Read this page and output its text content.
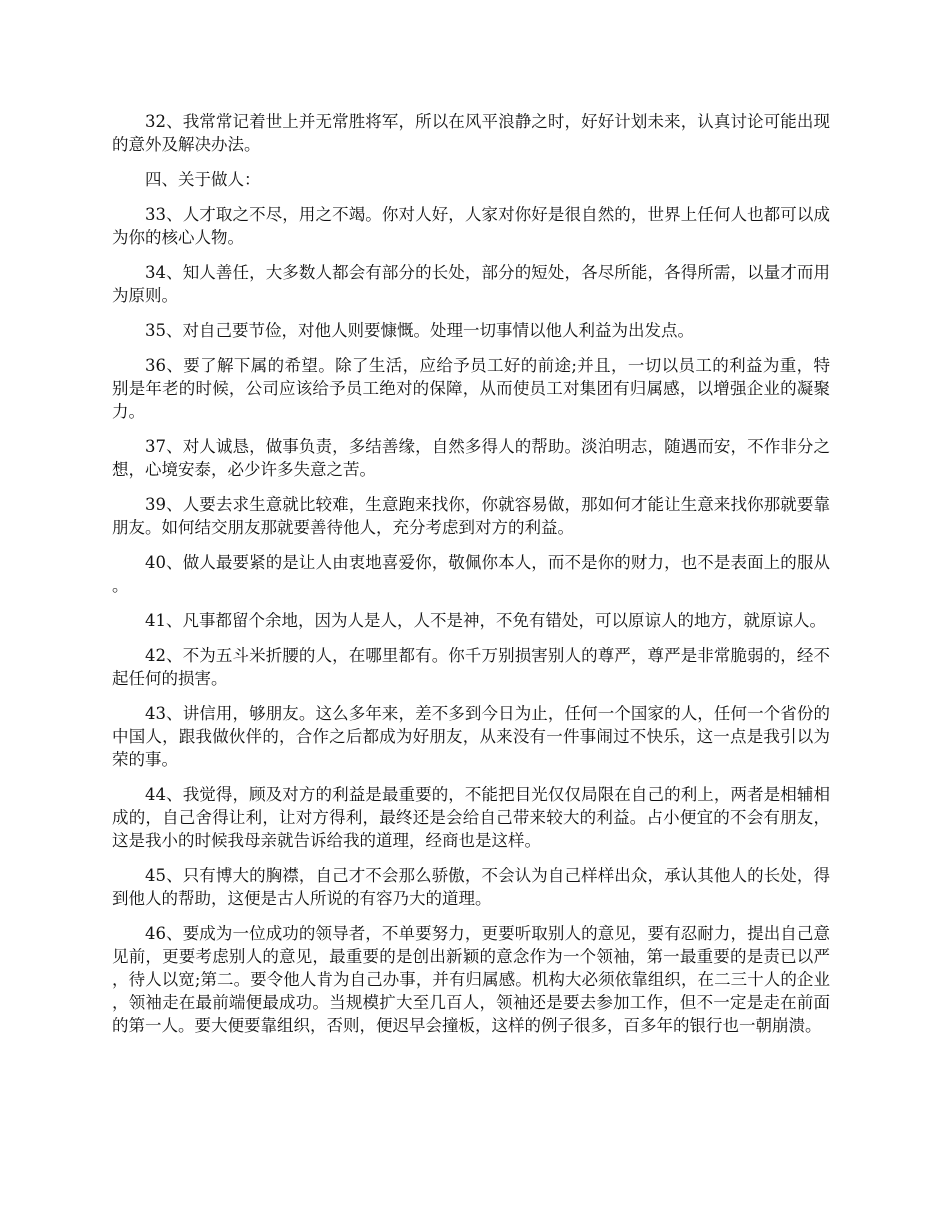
32、我常常记着世上并无常胜将军，所以在风平浪静之时，好好计划未来，认真讨论可能出现的意外及解决办法。

四、关于做人：

33、人才取之不尽，用之不竭。你对人好，人家对你好是很自然的，世界上任何人也都可以成为你的核心人物。

34、知人善任，大多数人都会有部分的长处，部分的短处，各尽所能，各得所需，以量才而用为原则。

35、对自己要节俭，对他人则要慷慨。处理一切事情以他人利益为出发点。

36、要了解下属的希望。除了生活，应给予员工好的前途;并且，一切以员工的利益为重，特别是年老的时候，公司应该给予员工绝对的保障，从而使员工对集团有归属感，以增强企业的凝聚力。

37、对人诚恳，做事负责，多结善缘，自然多得人的帮助。淡泊明志，随遇而安，不作非分之想，心境安泰，必少许多失意之苦。

39、人要去求生意就比较难，生意跑来找你，你就容易做，那如何才能让生意来找你那就要靠朋友。如何结交朋友那就要善待他人，充分考虑到对方的利益。

40、做人最要紧的是让人由衷地喜爱你，敬佩你本人，而不是你的财力，也不是表面上的服从。

41、凡事都留个余地，因为人是人，人不是神，不免有错处，可以原谅人的地方，就原谅人。

42、不为五斗米折腰的人，在哪里都有。你千万别损害别人的尊严，尊严是非常脆弱的，经不起任何的损害。

43、讲信用，够朋友。这么多年来，差不多到今日为止，任何一个国家的人，任何一个省份的中国人，跟我做伙伴的，合作之后都成为好朋友，从来没有一件事闹过不快乐，这一点是我引以为荣的事。

44、我觉得，顾及对方的利益是最重要的，不能把目光仅仅局限在自己的利上，两者是相辅相成的，自己舍得让利，让对方得利，最终还是会给自己带来较大的利益。占小便宜的不会有朋友，这是我小的时候我母亲就告诉给我的道理，经商也是这样。

45、只有博大的胸襟，自己才不会那么骄傲，不会认为自己样样出众，承认其他人的长处，得到他人的帮助，这便是古人所说的有容乃大的道理。

46、要成为一位成功的领导者，不单要努力，更要听取别人的意见，要有忍耐力，提出自己意见前，更要考虑别人的意见，最重要的是创出新颖的意念作为一个领袖，第一最重要的是责已以严，待人以宽;第二。要令他人肯为自己办事，并有归属感。机构大必须依靠组织，在二三十人的企业，领袖走在最前端便最成功。当规模扩大至几百人，领袖还是要去参加工作，但不一定是走在前面的第一人。要大便要靠组织，否则，便迟早会撞板，这样的例子很多，百多年的银行也一朝崩溃。
